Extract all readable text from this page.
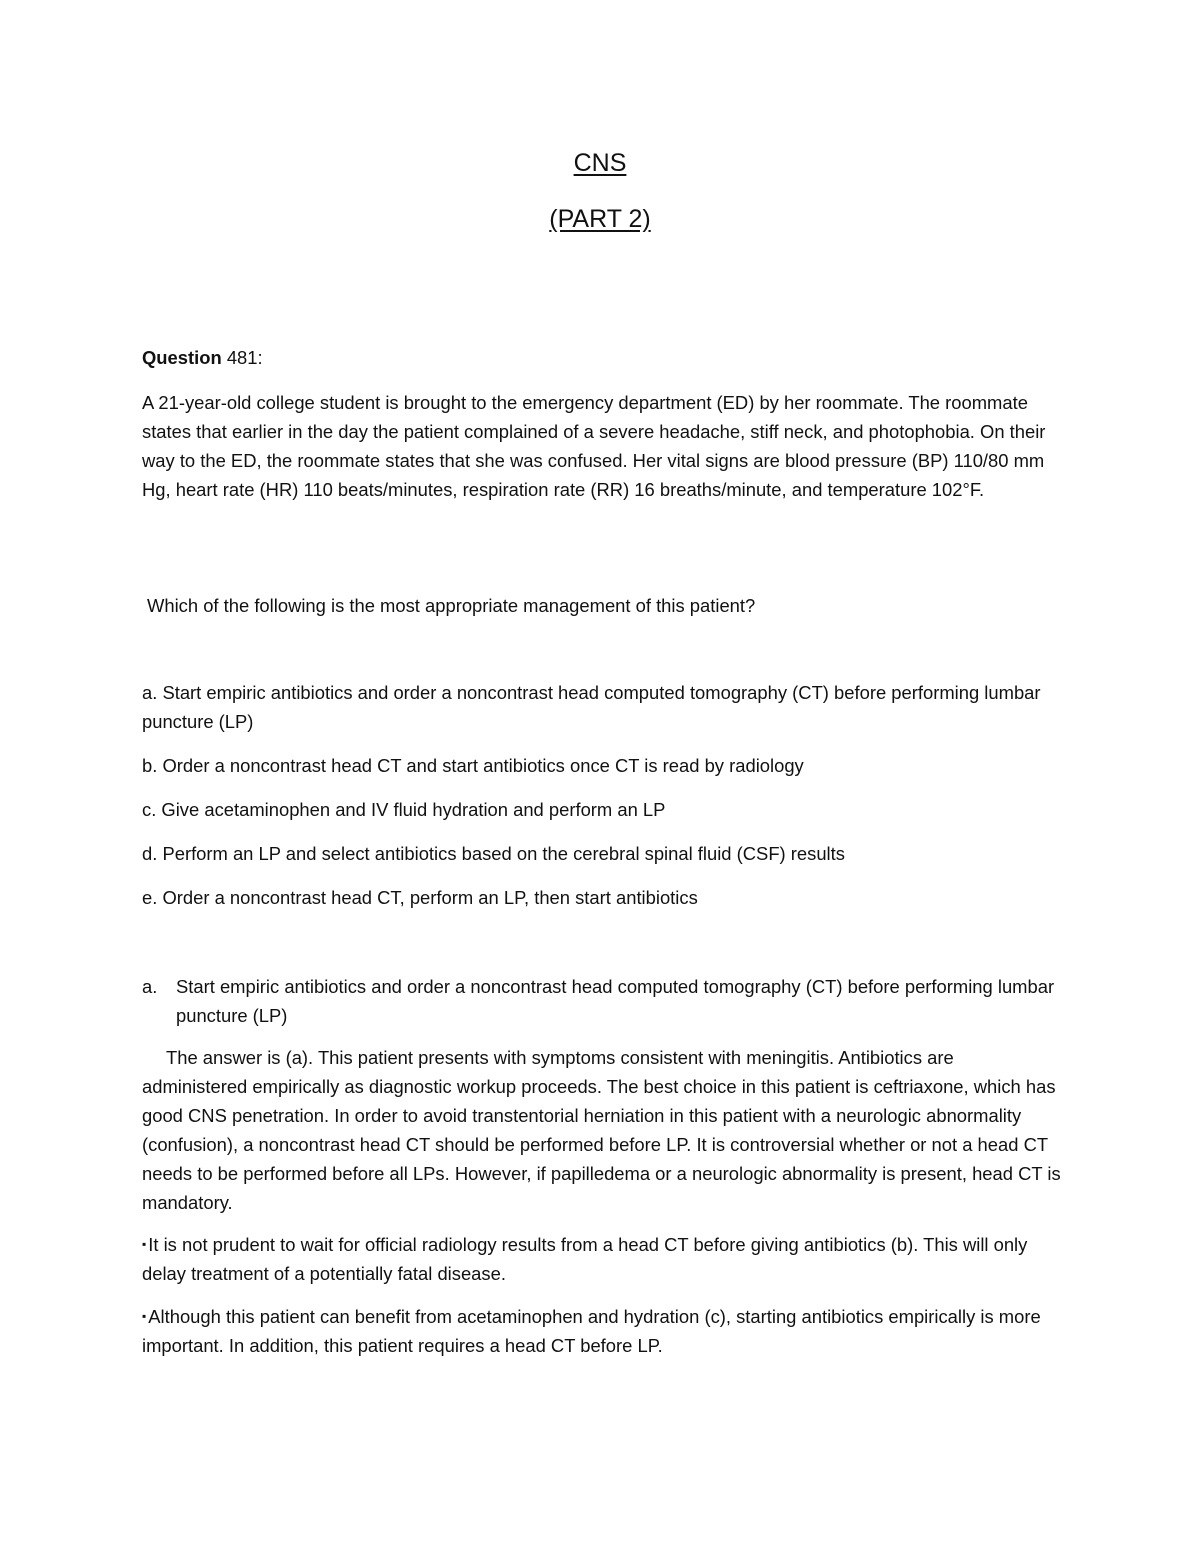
CNS
(PART 2)
Question 481:
A 21-year-old college student is brought to the emergency department (ED) by her roommate. The roommate states that earlier in the day the patient complained of a severe headache, stiff neck, and photophobia. On their way to the ED, the roommate states that she was confused. Her vital signs are blood pressure (BP) 110/80 mm Hg, heart rate (HR) 110 beats/minutes, respiration rate (RR) 16 breaths/minute, and temperature 102°F.
Which of the following is the most appropriate management of this patient?

a. Start empiric antibiotics and order a noncontrast head computed tomography (CT) before performing lumbar puncture (LP)

b. Order a noncontrast head CT and start antibiotics once CT is read by radiology

c. Give acetaminophen and IV fluid hydration and perform an LP

d. Perform an LP and select antibiotics based on the cerebral spinal fluid (CSF) results

e. Order a noncontrast head CT, perform an LP, then start antibiotics

a.	Start empiric antibiotics and order a noncontrast head computed tomography (CT) before performing lumbar puncture (LP)

The answer is (a). This patient presents with symptoms consistent with meningitis. Antibiotics are administered empirically as diagnostic workup proceeds. The best choice in this patient is ceftriaxone, which has good CNS penetration. In order to avoid transtentorial herniation in this patient with a neurologic abnormality (confusion), a noncontrast head CT should be performed before LP. It is controversial whether or not a head CT needs to be performed before all LPs. However, if papilledema or a neurologic abnormality is present, head CT is mandatory.

▪ It is not prudent to wait for official radiology results from a head CT before giving antibiotics (b). This will only delay treatment of a potentially fatal disease.
▪ Although this patient can benefit from acetaminophen and hydration (c), starting antibiotics empirically is more important. In addition, this patient requires a head CT before LP.
